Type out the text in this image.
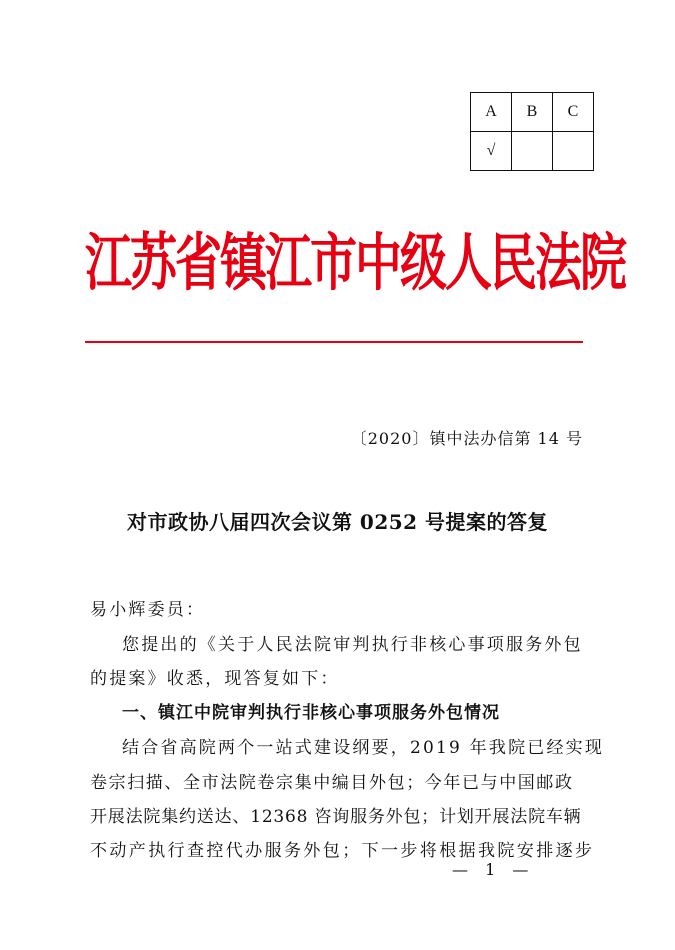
A	B	C
√		
江苏省镇江市中级人民法院
〔2020〕镇中法办信第 14 号
对市政协八届四次会议第 0252 号提案的答复
易小辉委员：
您提出的《关于人民法院审判执行非核心事项服务外包
的提案》收悉，现答复如下：
一、镇江中院审判执行非核心事项服务外包情况
结合省高院两个一站式建设纲要，2019 年我院已经实现
卷宗扫描、全市法院卷宗集中编目外包；今年已与中国邮政
开展法院集约送达、12368 咨询服务外包；计划开展法院车辆
不动产执行查控代办服务外包；下一步将根据我院安排逐步
— 1 —
